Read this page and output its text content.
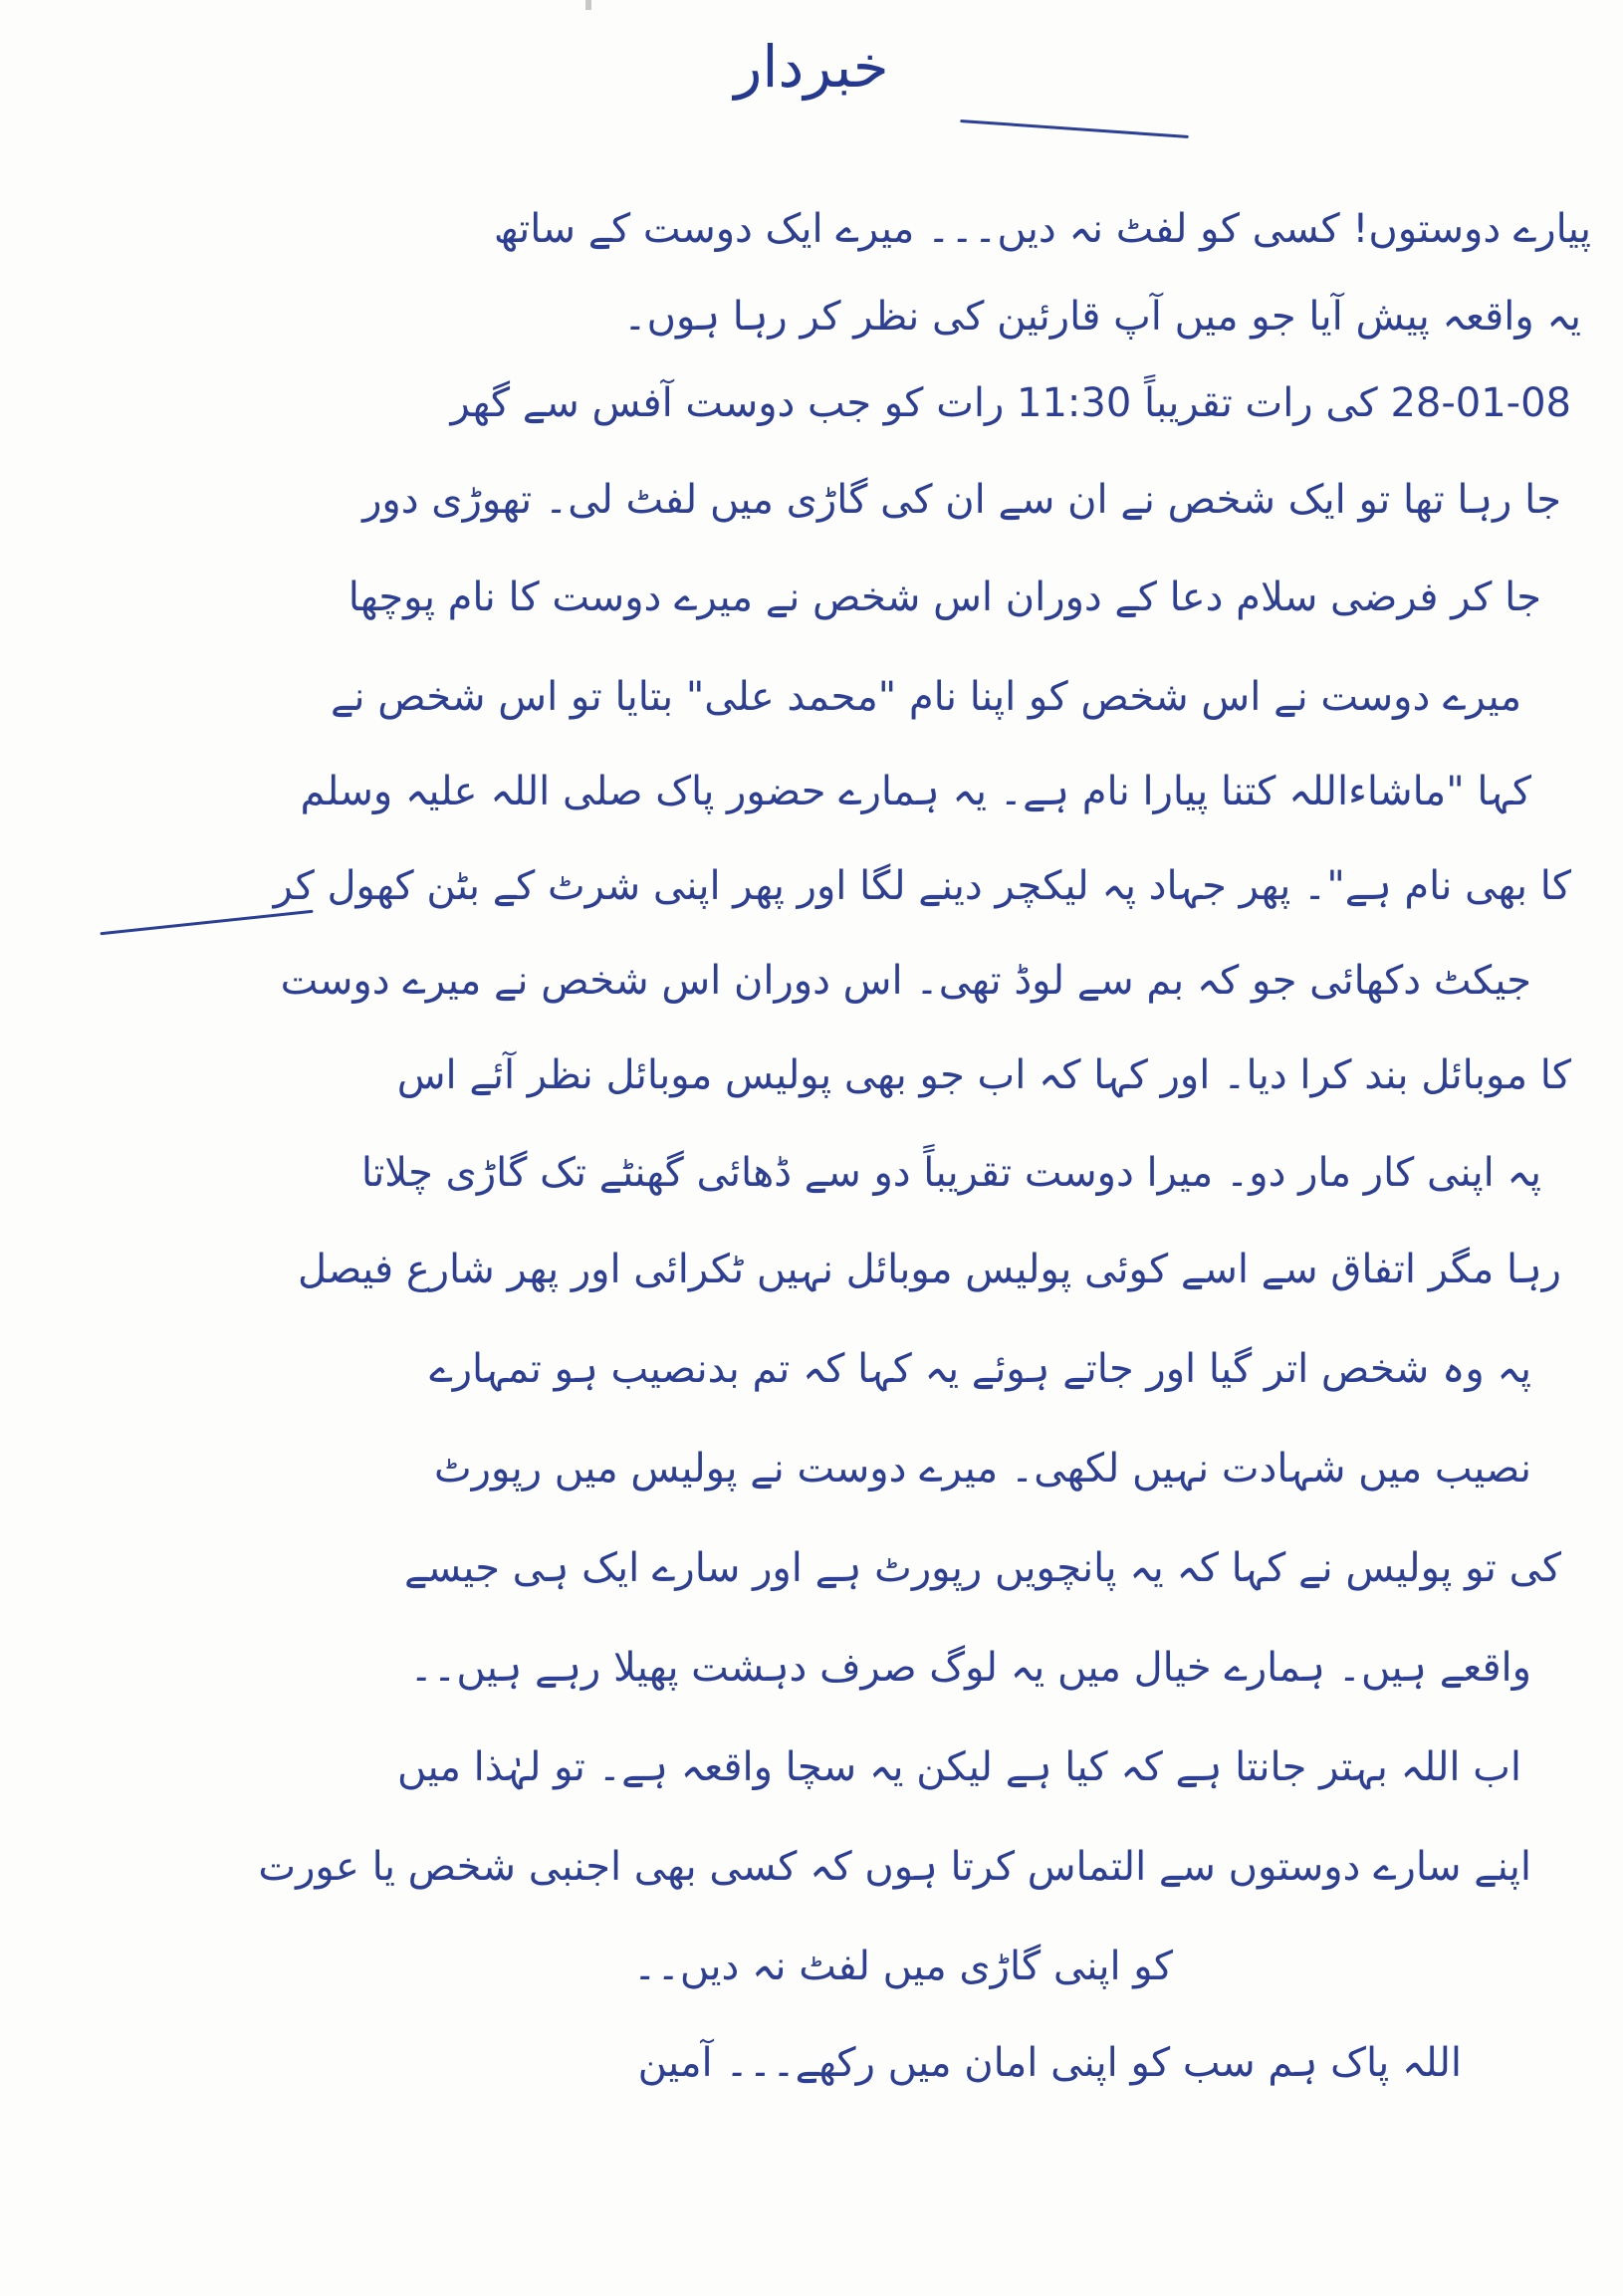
خبردار
پیارے دوستوں! کسی کو لفٹ نہ دیں۔۔۔ میرے ایک دوست کے ساتھ
یہ واقعہ پیش آیا جو میں آپ قارئین کی نظر کر رہا ہوں۔
28-01-08 کی رات تقریباً 11:30 رات کو جب دوست آفس سے گھر
جا رہا تھا تو ایک شخص نے ان سے ان کی گاڑی میں لفٹ لی۔ تھوڑی دور
جا کر فرضی سلام دعا کے دوران اس شخص نے میرے دوست کا نام پوچھا
میرے دوست نے اس شخص کو اپنا نام "محمد علی" بتایا تو اس شخص نے
کہا "ماشاءاللہ کتنا پیارا نام ہے۔ یہ ہمارے حضور پاک صلی اللہ علیہ وسلم
کا بھی نام ہے"۔ پھر جہاد پہ لیکچر دینے لگا اور پھر اپنی شرٹ کے بٹن کھول کر
جیکٹ دکھائی جو کہ بم سے لوڈ تھی۔ اس دوران اس شخص نے میرے دوست
کا موبائل بند کرا دیا۔ اور کہا کہ اب جو بھی پولیس موبائل نظر آئے اس
پہ اپنی کار مار دو۔ میرا دوست تقریباً دو سے ڈھائی گھنٹے تک گاڑی چلاتا
رہا مگر اتفاق سے اسے کوئی پولیس موبائل نہیں ٹکرائی اور پھر شارع فیصل
پہ وہ شخص اتر گیا اور جاتے ہوئے یہ کہا کہ تم بدنصیب ہو تمہارے
نصیب میں شہادت نہیں لکھی۔ میرے دوست نے پولیس میں رپورٹ
کی تو پولیس نے کہا کہ یہ پانچویں رپورٹ ہے اور سارے ایک ہی جیسے
واقعے ہیں۔ ہمارے خیال میں یہ لوگ صرف دہشت پھیلا رہے ہیں۔۔
اب اللہ بہتر جانتا ہے کہ کیا ہے لیکن یہ سچا واقعہ ہے۔ تو لہٰذا میں
اپنے سارے دوستوں سے التماس کرتا ہوں کہ کسی بھی اجنبی شخص یا عورت
کو اپنی گاڑی میں لفٹ نہ دیں۔۔
اللہ پاک ہم سب کو اپنی امان میں رکھے۔۔۔ آمین
